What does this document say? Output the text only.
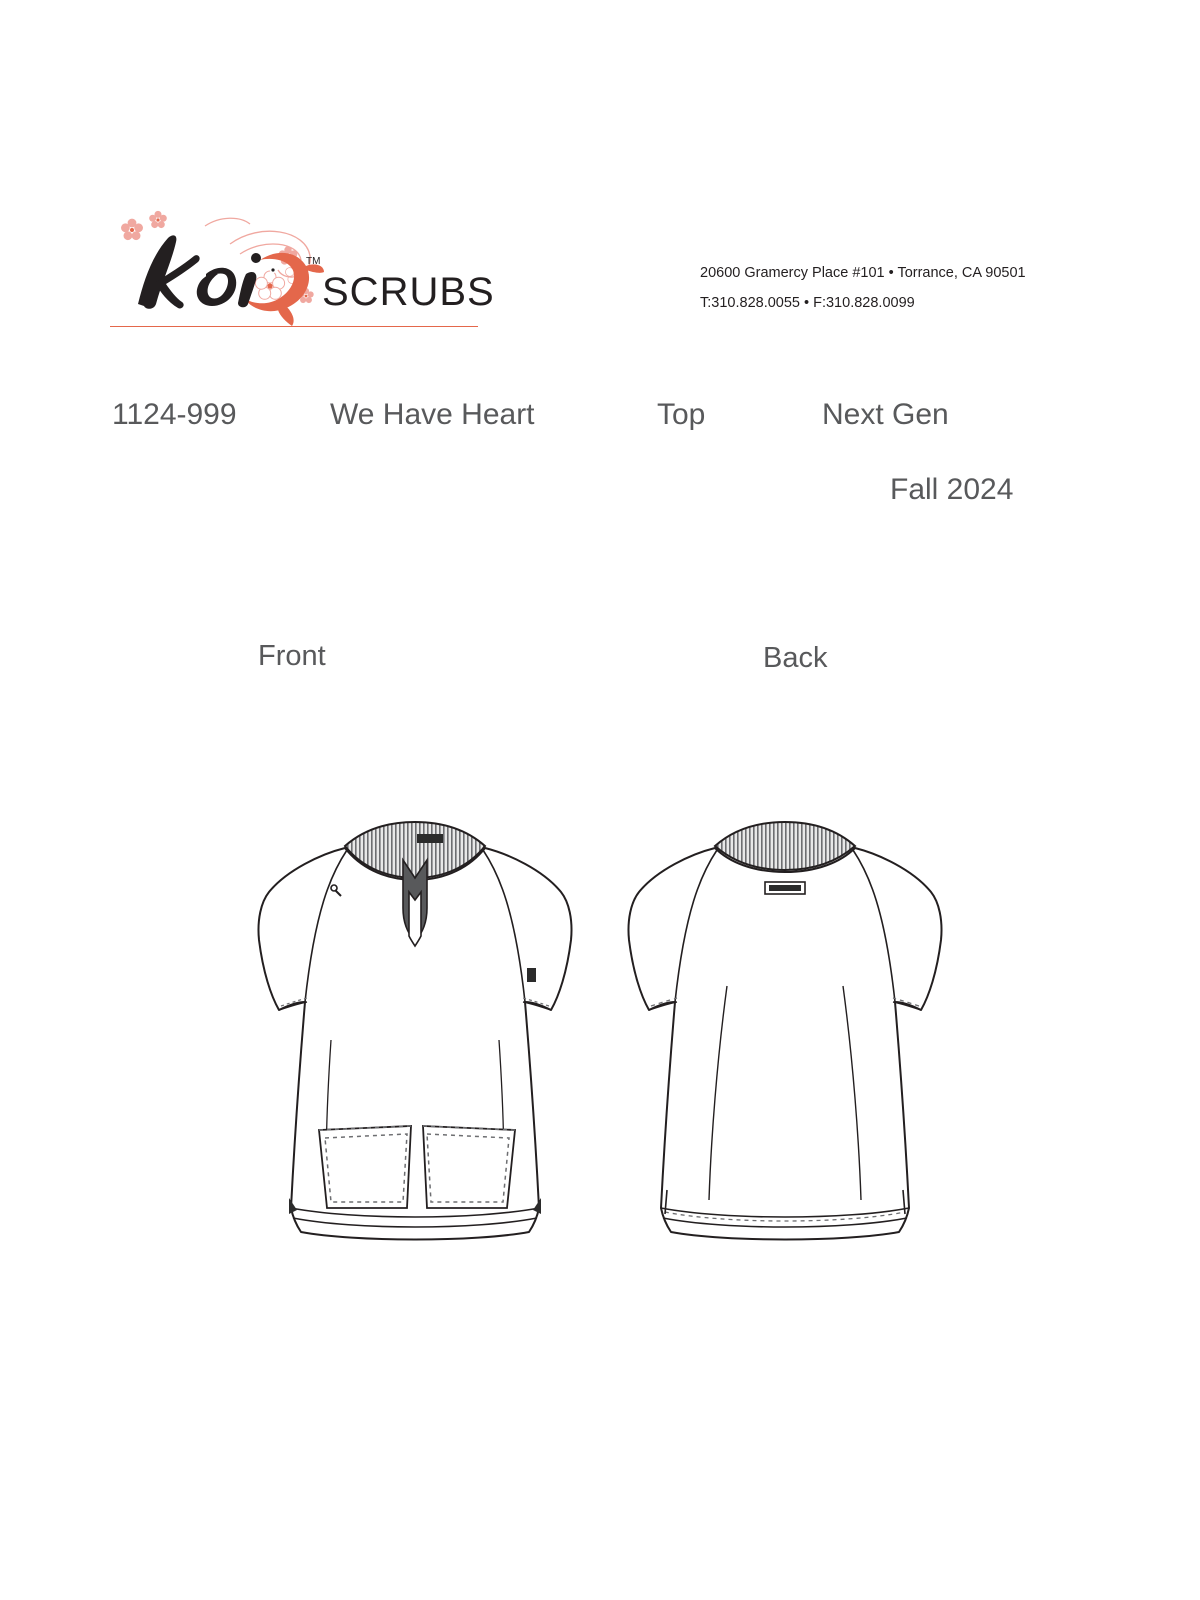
TM
SCRUBS	20600 Gramercy Place #101 • Torrance, CA 90501
T:310.828.0055 • F:310.828.0099
1124-999	We Have Heart	Top	Next Gen
Fall 2024
Front	Back
